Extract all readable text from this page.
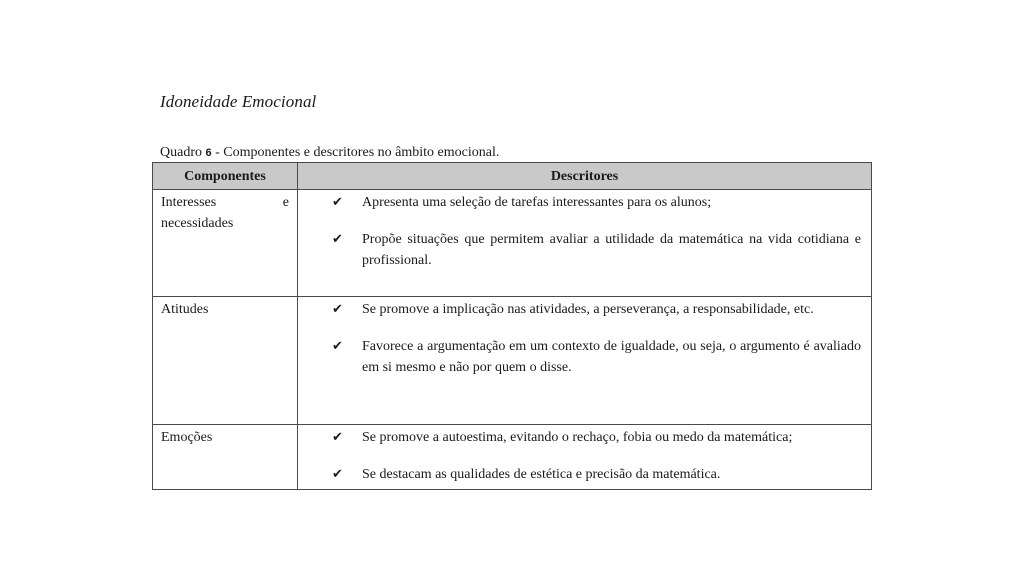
Idoneidade Emocional
Quadro 6 - Componentes e descritores no âmbito emocional.
Componentes	Descritores
Interesses e necessidades	✔ Apresenta uma seleção de tarefas interessantes para os alunos;
✔ Propõe situações que permitem avaliar a utilidade da matemática na vida cotidiana e profissional.

Atitudes	✔ Se promove a implicação nas atividades, a perseverança, a responsabilidade, etc.
✔ Favorece a argumentação em um contexto de igualdade, ou seja, o argumento é avaliado em si mesmo e não por quem o disse.

Emoções	✔ Se promove a autoestima, evitando o rechaço, fobia ou medo da matemática;
✔ Se destacam as qualidades de estética e precisão da matemática.
